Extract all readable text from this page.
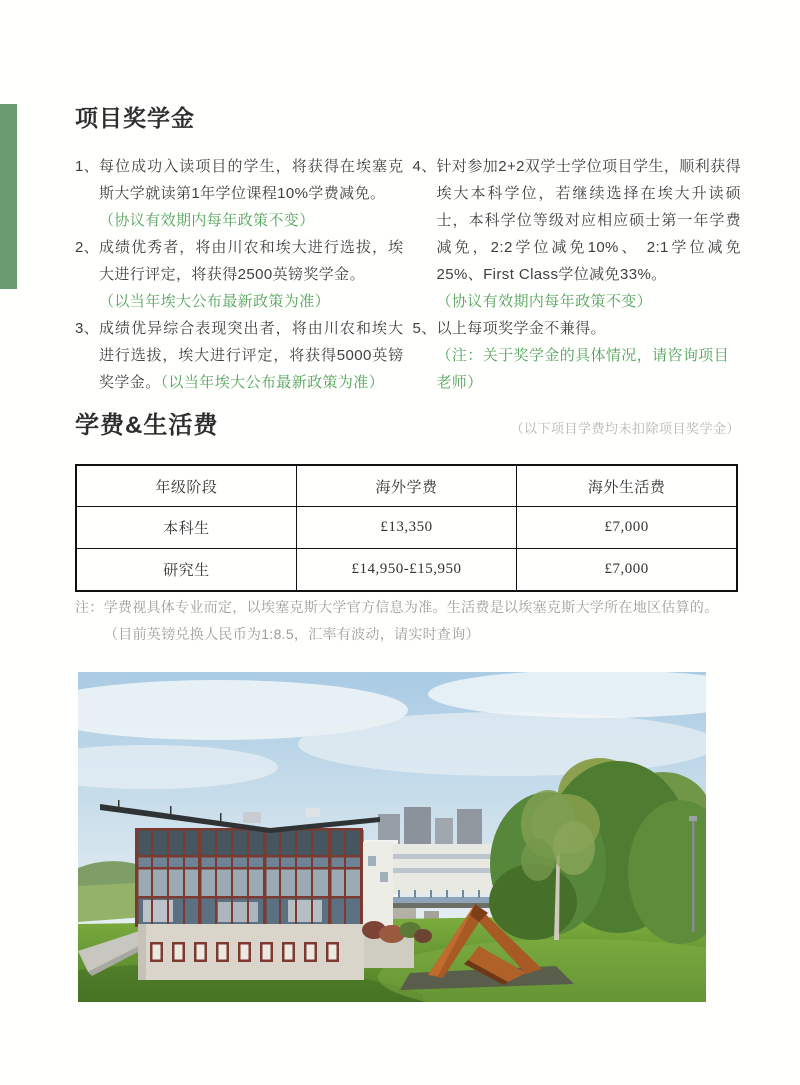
项目奖学金
1、 每位成功入读项目的学生，将获得在埃塞克斯大学就读第1年学位课程10%学费减免。
（协议有效期内每年政策不变）
2、 成绩优秀者，将由川农和埃大进行选拔，埃大进行评定，将获得2500英镑奖学金。
（以当年埃大公布最新政策为准）
3、 成绩优异综合表现突出者，将由川农和埃大进行选拔，埃大进行评定，将获得5000英镑奖学金。（以当年埃大公布最新政策为准）
4、 针对参加2+2双学士学位项目学生，顺利获得埃大本科学位，若继续选择在埃大升读硕士，本科学位等级对应相应硕士第一年学费减免，2:2学位减免10%、 2:1学位减免25%、First Class学位减免33%。
（协议有效期内每年政策不变）
5、 以上每项奖学金不兼得。
（注：关于奖学金的具体情况，请咨询项目老师）
学费&生活费	（以下项目学费均未扣除项目奖学金）
年级阶段	海外学费	海外生活费
本科生	£13,350	£7,000
研究生	£14,950-£15,950	£7,000
注：学费视具体专业而定，以埃塞克斯大学官方信息为准。生活费是以埃塞克斯大学所在地区估算的。
（目前英镑兑换人民币为1:8.5，汇率有波动，请实时查询）
